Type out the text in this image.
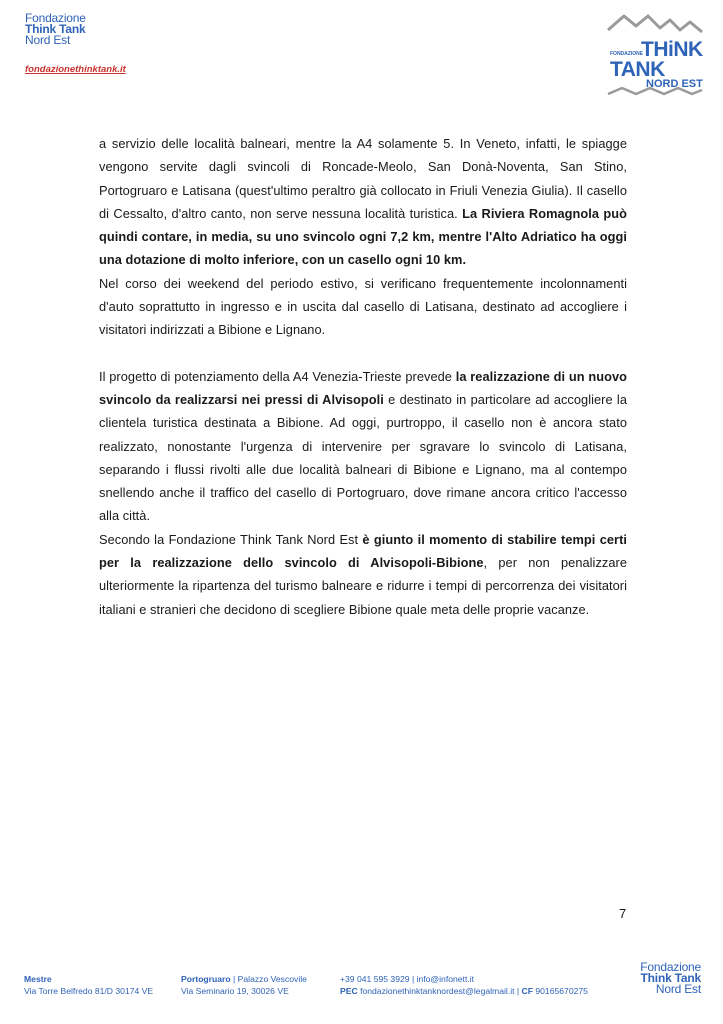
Fondazione
Think Tank
Nord Est
fondazionethinktank.it
FONDAZIONE
THiNK
TANK
NORD EST

a servizio delle località balneari, mentre la A4 solamente 5. In Veneto, infatti, le spiagge vengono servite dagli svincoli di Roncade-Meolo, San Donà-Noventa, San Stino, Portogruaro e Latisana (quest'ultimo peraltro già collocato in Friuli Venezia Giulia). Il casello di Cessalto, d'altro canto, non serve nessuna località turistica. La Riviera Romagnola può quindi contare, in media, su uno svincolo ogni 7,2 km, mentre l'Alto Adriatico ha oggi una dotazione di molto inferiore, con un casello ogni 10 km.

Nel corso dei weekend del periodo estivo, si verificano frequentemente incolonnamenti d'auto soprattutto in ingresso e in uscita dal casello di Latisana, destinato ad accogliere i visitatori indirizzati a Bibione e Lignano.

Il progetto di potenziamento della A4 Venezia-Trieste prevede la realizzazione di un nuovo svincolo da realizzarsi nei pressi di Alvisopoli e destinato in particolare ad accogliere la clientela turistica destinata a Bibione. Ad oggi, purtroppo, il casello non è ancora stato realizzato, nonostante l'urgenza di intervenire per sgravare lo svincolo di Latisana, separando i flussi rivolti alle due località balneari di Bibione e Lignano, ma al contempo snellendo anche il traffico del casello di Portogruaro, dove rimane ancora critico l'accesso alla città.

Secondo la Fondazione Think Tank Nord Est è giunto il momento di stabilire tempi certi per la realizzazione dello svincolo di Alvisopoli-Bibione, per non penalizzare ulteriormente la ripartenza del turismo balneare e ridurre i tempi di percorrenza dei visitatori italiani e stranieri che decidono di scegliere Bibione quale meta delle proprie vacanze.

7
Mestre
Via Torre Belfredo 81/D 30174 VE
Portogruaro | Palazzo Vescovile
Via Seminario 19, 30026 VE
+39 041 595 3929 | info@infonett.it
PEC fondazionethinktanknordest@legalmail.it | CF 90165670275
Fondazione
Think Tank
Nord Est
